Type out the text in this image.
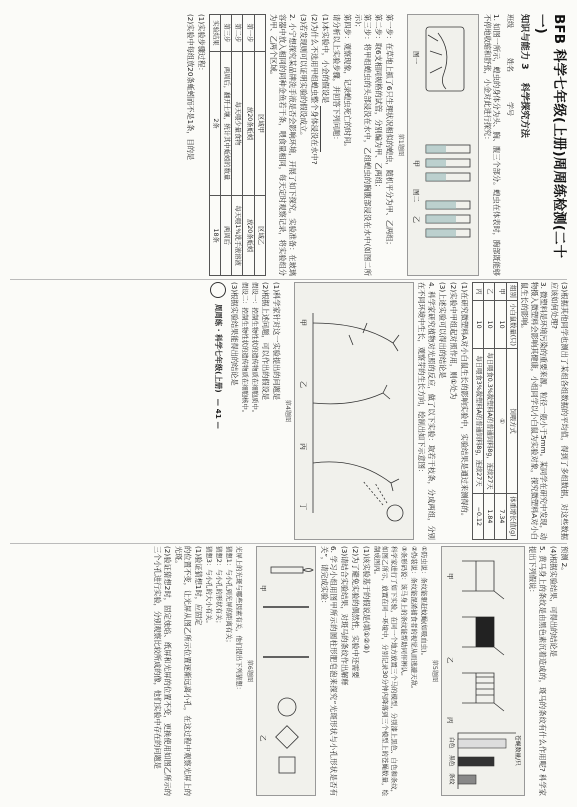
BFB 科学七年级(上册)周周练检测(二十一)
知识与能力 3 科学探究方法
班级
姓名
学号

1. 如图一所示，蝗虫的身体分为头、胸、腹三个部分。蝗虫在体表时，胸部既能够不停地收缩和舒张，小金对此进行探究：

甲
乙
图一
图二
第1题图

第一步：在草地上抓了6只生理状况相似的蝗虫，随机平分为甲、乙两组；

第二步：取6支相同规格的试管，分别编为甲、乙两组；

第三步：将甲组蝗虫的头部浸没在水中，乙组蝗虫的胸腹部浸没在水中(如图二所示)；

第四步：观察现象，记录蝗虫死亡的时间。

请分析以上实验步骤，并回答下列问题：

(1)本实验中，小金的假设是

(2)为什么不选用甲组蝗虫整个身体浸没在水中?

(3)若发现则可以证明实验的假设成立。

2. 小宁想探究某品牌洗手液是否会影响环境，开展了如下探究，实验准备：在玻璃容器中放入相同的同种金鱼若干条，喂食量相同，每天定时观察记录，将实验组分为甲、乙两个区域。

	区域甲	区域乙
第一步	放20条蚯蚓	放20条蚯蚓
第二步	每天喂少量食物	每天喂1%洗手液溶液
第三步	两周后，翻开土壤，统计其中蚯蚓的数量	两周后
实验结果	2条	18条

(1)实验步骤过程：

(2)实验中每组放20条蚯蚓而不是1条，目的是

(3)根据其他同学也测出了某组各组数据的平均值，得到了多组数据，对这些数据应该如何处理?

3. 微塑料是环境污染的重要来源，粒径一般小于5mm。某同学在研究中发现，动物摄入微塑料会影响其健康，小组同学以小白鼠为实验对象，探究微塑料A对小白鼠生长的影响。

组别	小白鼠数量(只)	饲喂方式	体重增长值(g)
甲	10	①	7.34
乙	10	每日喂食0.3%微塑料A的普通饲料8g，连续27天	1.84
丙	10	每日喂食3%微塑料A的普通饲料8g，连续27天	−0.12

(1)在研究微塑料A对小白鼠生长的影响实验中，实验结果是通过来测得的。

(2)实验中甲组起对照作用，则①处为

(3)上述实验可以得出的结论是

4. 科学家研究植物对光照的反应，做了以下实验：取若干枝条，分成两组，分别在不同环境中生长，观察芽的生长方向，绘制出如下示意图：

甲
乙
丙
丁
第4题图

(1)科学家针对这一实验提出的问题是

(2)根据上述问题，可以作出的假设是

假设一：控制生物性状的遗传物质在细胞质中。

假设二：控制生物性状的遗传物质在细胞核中。

(3)根据实验结果能得出的结论是

周周练 · 科学七年级(上册)
— 41 —

预测 2。

(4)根据实验结果，可得出的结论是

5. 黄马身上的条纹是由黑色素沉着造成的，斑马的条纹有什么作用呢? 科学家提出下列假说：

苍蝇数量/只
白色
黑色
条纹
甲
乙
丙
第5题图

①防虫说：条纹能驱赶蚊蝇(如吸血虫)。

②伪装说：条纹能混淆捕食者的视觉从而逃避天敌。

③条形码说：该马身上的条纹能帮助同伴辨认。

科学家进行了如下实验，在同一个地方放置三个马的模型，分别漆上黑色、白色和条纹，如图乙所示，放置在同一环境中，分别记录30分钟内降落到三个模型上的苍蝇数量，绘制成图丙。

(1)该实验基于的假说是(填①②③)

(2)为了避免实验的偶然性，实验中还需要

(3)请结合实验结果，对斑马的条纹作出解释

6. 学习小组用图甲所示的圆柱形肥皂泡来探究“光斑形状与小孔形状是否有关”，请完成实验：

甲
乙
第6题图

光屏上的光斑与哪些因素有关，他们提出下列猜想：

猜想1：与小孔到光屏的距离有关；

猜想2：与小孔的形状有关；

猜想3：与小孔的大小有关。

(1)验证猜想1时，应固定

的位置不变，让光屏从图乙所示位置逐渐远离小孔，在这过程中观察光屏上的光斑。

(2)验证猜想2时，固定烛焰、纸屏和光屏的位置不变，更换使用如图乙所示的三个小孔进行实验，分别观察比较所成的像，他们实验中存在的问题是
